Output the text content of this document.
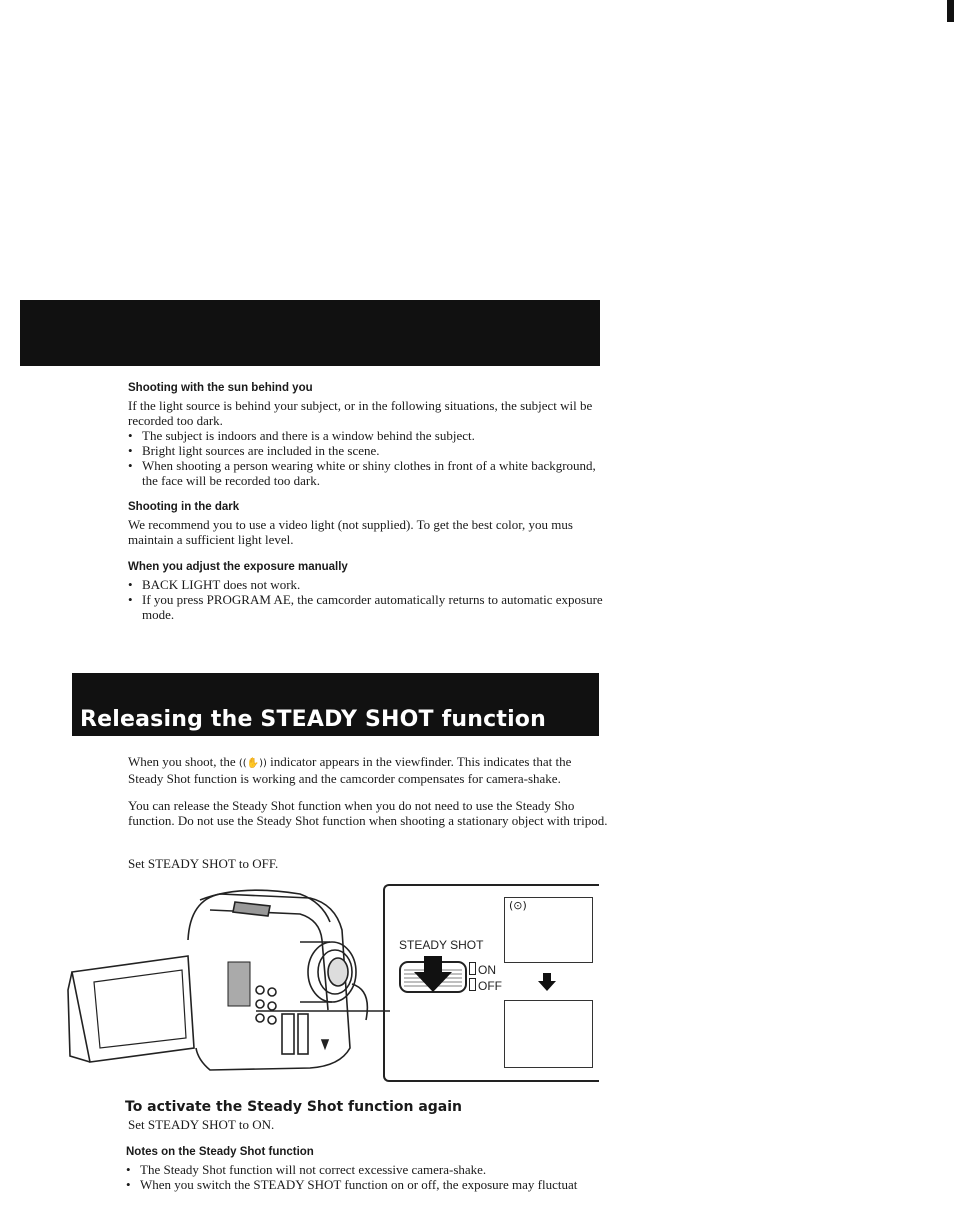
Shooting with the sun behind you

If the light source is behind your subject, or in the following situations, the subject wil be recorded too dark.

• The subject is indoors and there is a window behind the subject.
• Bright light sources are included in the scene.
• When shooting a person wearing white or shiny clothes in front of a white background, the face will be recorded too dark.
Shooting in the dark

We recommend you to use a video light (not supplied). To get the best color, you mus maintain a sufficient light level.

When you adjust the exposure manually
• BACK LIGHT does not work.
• If you press PROGRAM AE, the camcorder automatically returns to automatic exposure mode.
Releasing the STEADY SHOT function

When you shoot, the ((✋)) indicator appears in the viewfinder. This indicates that the Steady Shot function is working and the camcorder compensates for camera-shake.

You can release the Steady Shot function when you do not need to use the Steady Sho function. Do not use the Steady Shot function when shooting a stationary object with tripod.

Set STEADY SHOT to OFF.
STEADY SHOT
ON
OFF
(⊙)
To activate the Steady Shot function again
Set STEADY SHOT to ON.
Notes on the Steady Shot function
• The Steady Shot function will not correct excessive camera-shake.
• When you switch the STEADY SHOT function on or off, the exposure may fluctuat
